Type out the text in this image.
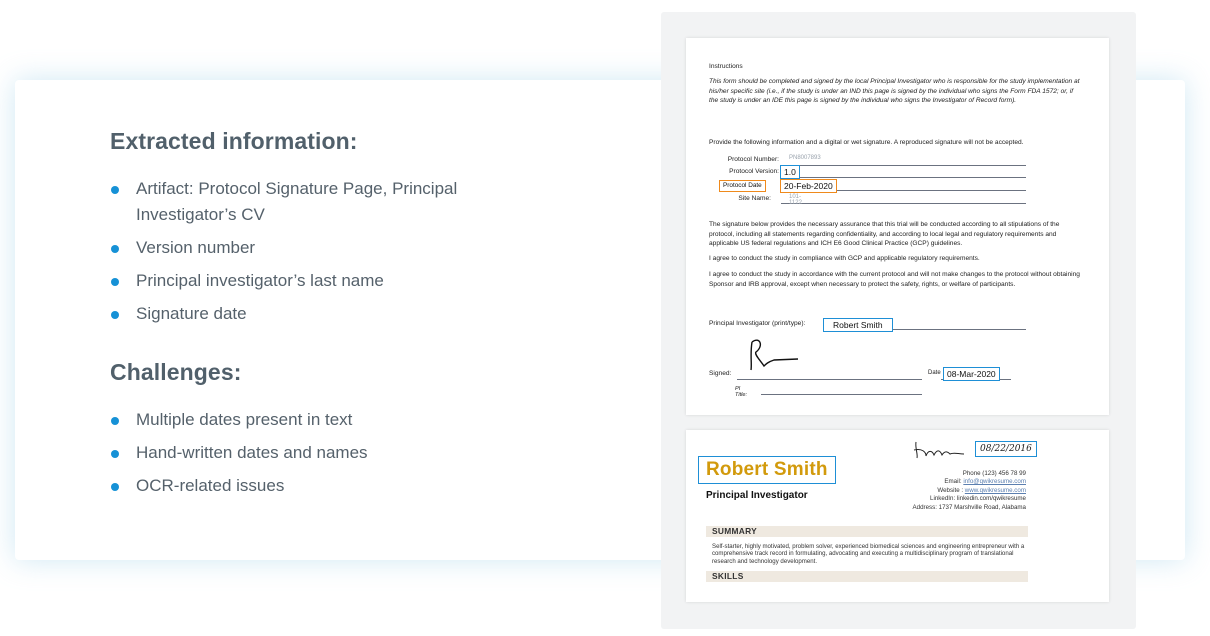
Extracted information:
Artifact: Protocol Signature Page, Principal Investigator’s CV
Version number
Principal investigator’s last name
Signature date
Challenges:
Multiple dates present in text
Hand-written dates and names
OCR-related issues
Instructions
This form should be completed and signed by the local Principal Investigator who is responsible for the study implementation at his/her specific site (i.e., if the study is under an IND this page is signed by the individual who signs the Form FDA 1572; or, if the study is under an IDE this page is signed by the individual who signs the Investigator of Record form).
Provide the following information and a digital or wet signature. A reproduced signature will not be accepted.
Protocol Number: PN8007893
Protocol Version: 1.0
Protocol Date	20-Feb-2020
Site Name:	101-1122
The signature below provides the necessary assurance that this trial will be conducted according to all stipulations of the protocol, including all statements regarding confidentiality, and according to local legal and regulatory requirements and applicable US federal regulations and ICH E6 Good Clinical Practice (GCP) guidelines.
I agree to conduct the study in compliance with GCP and applicable regulatory requirements.
I agree to conduct the study in accordance with the current protocol and will not make changes to the protocol without obtaining Sponsor and IRB approval, except when necessary to protect the safety, rights, or welfare of participants.
Principal Investigator (print/type):	Robert Smith
Signed:	Date 08-Mar-2020
PI Title:
08/22/2016
Robert Smith
Principal Investigator
Phone (123) 456 78 99
Email: info@qwikresume.com
Website : www.qwikresume.com
LinkedIn: linkedin.com/qwikresume
Address: 1737 Marshville Road, Alabama
SUMMARY
Self-starter, highly motivated, problem solver, experienced biomedical sciences and engineering entrepreneur with a comprehensive track record in formulating, advocating and executing a multidisciplinary program of translational research and technology development.
SKILLS
